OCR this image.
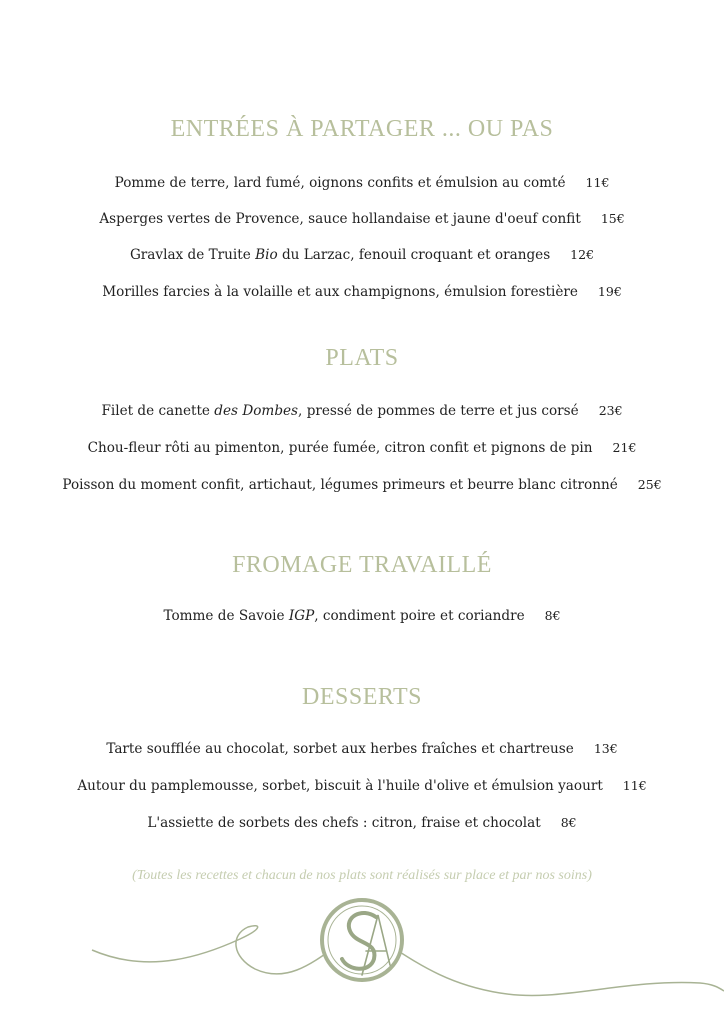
ENTRÉES À PARTAGER ... OU PAS
Pomme de terre, lard fumé, oignons confits et émulsion au comté 11€
Asperges vertes de Provence, sauce hollandaise et jaune d'oeuf confit 15€
Gravlax de Truite Bio du Larzac, fenouil croquant et oranges 12€
Morilles farcies à la volaille et aux champignons, émulsion forestière 19€
PLATS
Filet de canette des Dombes, pressé de pommes de terre et jus corsé 23€
Chou-fleur rôti au pimenton, purée fumée, citron confit et pignons de pin 21€
Poisson du moment confit, artichaut, légumes primeurs et beurre blanc citronné 25€
FROMAGE TRAVAILLÉ
Tomme de Savoie IGP, condiment poire et coriandre 8€
DESSERTS
Tarte soufflée au chocolat, sorbet aux herbes fraîches et chartreuse 13€
Autour du pamplemousse, sorbet, biscuit à l'huile d'olive et émulsion yaourt 11€
L'assiette de sorbets des chefs : citron, fraise et chocolat 8€
(Toutes les recettes et chacun de nos plats sont réalisés sur place et par nos soins)
